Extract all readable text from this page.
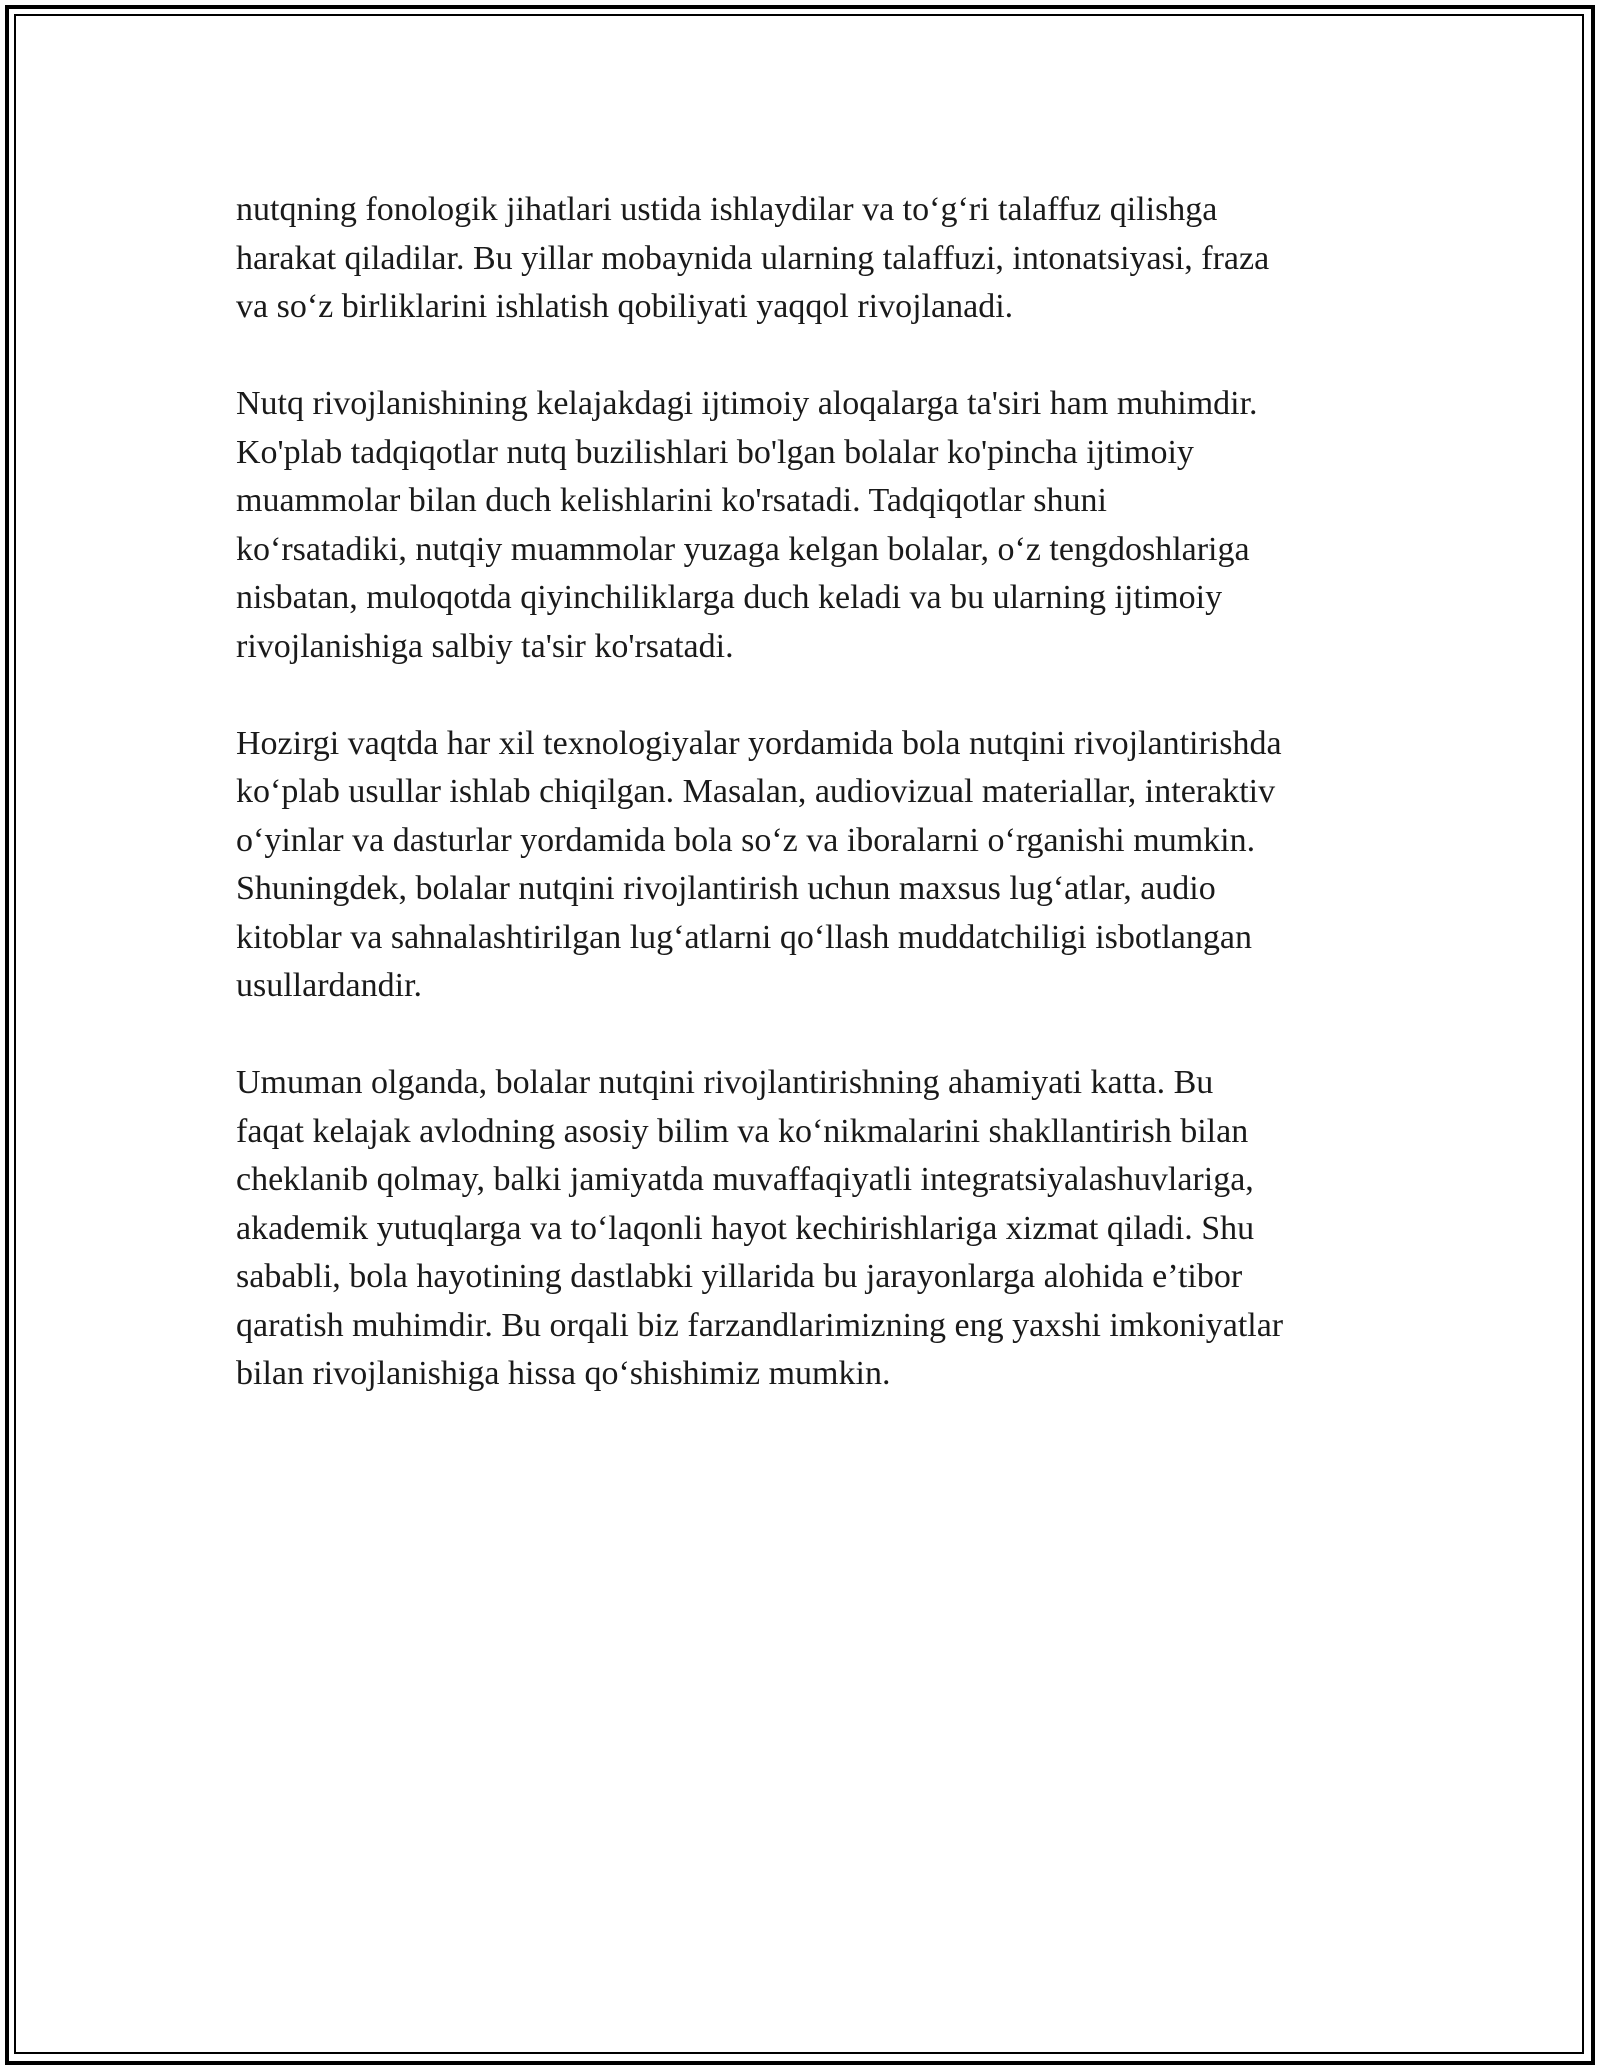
nutqning fonologik jihatlari ustida ishlaydilar va to‘g‘ri talaffuz qilishga
harakat qiladilar. Bu yillar mobaynida ularning talaffuzi, intonatsiyasi, fraza
va so‘z birliklarini ishlatish qobiliyati yaqqol rivojlanadi.

Nutq rivojlanishining kelajakdagi ijtimoiy aloqalarga ta'siri ham muhimdir.
Ko'plab tadqiqotlar nutq buzilishlari bo'lgan bolalar ko'pincha ijtimoiy
muammolar bilan duch kelishlarini ko'rsatadi. Tadqiqotlar shuni
ko‘rsatadiki, nutqiy muammolar yuzaga kelgan bolalar, o‘z tengdoshlariga
nisbatan, muloqotda qiyinchiliklarga duch keladi va bu ularning ijtimoiy
rivojlanishiga salbiy ta'sir ko'rsatadi.

Hozirgi vaqtda har xil texnologiyalar yordamida bola nutqini rivojlantirishda
ko‘plab usullar ishlab chiqilgan. Masalan, audiovizual materiallar, interaktiv
o‘yinlar va dasturlar yordamida bola so‘z va iboralarni o‘rganishi mumkin.
Shuningdek, bolalar nutqini rivojlantirish uchun maxsus lug‘atlar, audio
kitoblar va sahnalashtirilgan lug‘atlarni qo‘llash muddatchiligi isbotlangan
usullardandir.

Umuman olganda, bolalar nutqini rivojlantirishning ahamiyati katta. Bu
faqat kelajak avlodning asosiy bilim va ko‘nikmalarini shakllantirish bilan
cheklanib qolmay, balki jamiyatda muvaffaqiyatli integratsiyalashuvlariga,
akademik yutuqlarga va to‘laqonli hayot kechirishlariga xizmat qiladi. Shu
sababli, bola hayotining dastlabki yillarida bu jarayonlarga alohida e’tibor
qaratish muhimdir. Bu orqali biz farzandlarimizning eng yaxshi imkoniyatlar
bilan rivojlanishiga hissa qo‘shishimiz mumkin.
